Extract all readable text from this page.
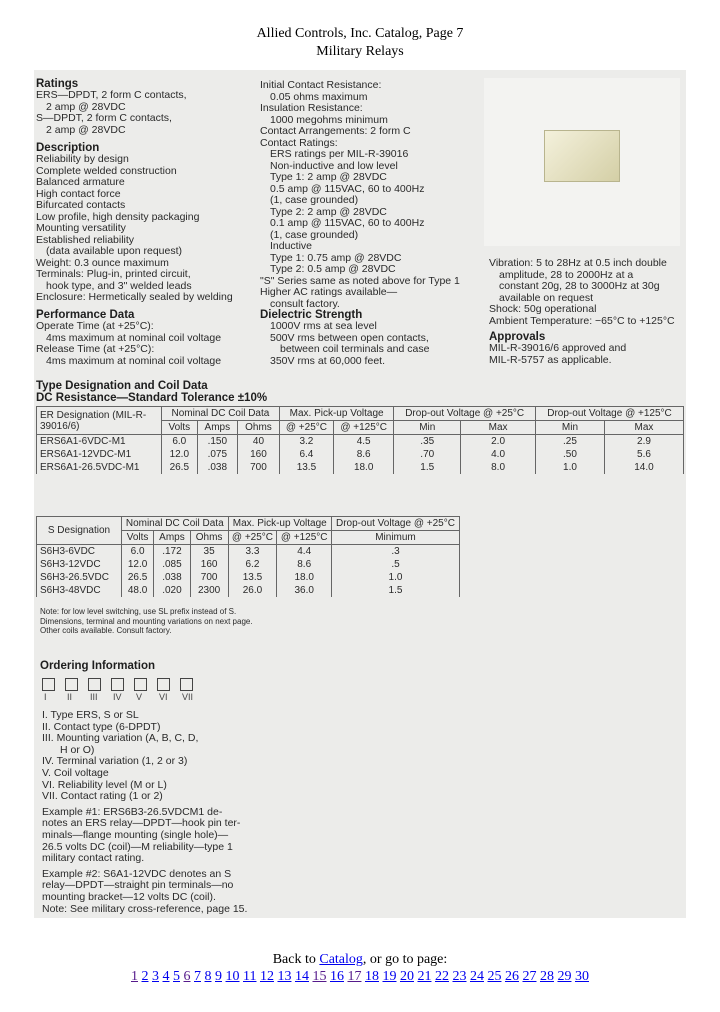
Allied Controls, Inc. Catalog, Page 7
Military Relays
Ratings
ERS—DPDT, 2 form C contacts,
2 amp @ 28VDC
S—DPDT, 2 form C contacts,
2 amp @ 28VDC
Description
Reliability by design
Complete welded construction
Balanced armature
High contact force
Bifurcated contacts
Low profile, high density packaging
Mounting versatility
Established reliability
(data available upon request)
Weight: 0.3 ounce maximum
Terminals: Plug-in, printed circuit,
hook type, and 3" welded leads
Enclosure: Hermetically sealed by welding
Performance Data
Operate Time (at +25°C):
4ms maximum at nominal coil voltage
Release Time (at +25°C):
4ms maximum at nominal coil voltage
Initial Contact Resistance:
0.05 ohms maximum
Insulation Resistance:
1000 megohms minimum
Contact Arrangements: 2 form C
Contact Ratings:
ERS ratings per MIL-R-39016
Non-inductive and low level
Type 1: 2 amp @ 28VDC
0.5 amp @ 115VAC, 60 to 400Hz
(1, case grounded)
Type 2: 2 amp @ 28VDC
0.1 amp @ 115VAC, 60 to 400Hz
(1, case grounded)
Inductive
Type 1: 0.75 amp @ 28VDC
Type 2: 0.5 amp @ 28VDC
"S" Series same as noted above for Type 1
Higher AC ratings available—
consult factory.
Dielectric Strength
1000V rms at sea level
500V rms between open contacts,
between coil terminals and case
350V rms at 60,000 feet.
Vibration: 5 to 28Hz at 0.5 inch double
amplitude, 28 to 2000Hz at a
constant 20g, 28 to 3000Hz at 30g
available on request
Shock: 50g operational
Ambient Temperature: −65°C to +125°C
Approvals
MIL-R-39016/6 approved and
MIL-R-5757 as applicable.
Type Designation and Coil Data
DC Resistance—Standard Tolerance ±10%
ER Designation (MIL-R-39016/6)	Nominal DC Coil Data			Max. Pick-up Voltage		Drop-out Voltage @ +25°C		Drop-out Voltage @ +125°C	
	Volts	Amps	Ohms	@ +25°C	@ +125°C	Min	Max	Min	Max
ERS6A1-6VDC-M1	6.0	.150	40	3.2	4.5	.35	2.0	.25	2.9
ERS6A1-12VDC-M1	12.0	.075	160	6.4	8.6	.70	4.0	.50	5.6
ERS6A1-26.5VDC-M1	26.5	.038	700	13.5	18.0	1.5	8.0	1.0	14.0
S Designation	Nominal DC Coil Data			Max. Pick-up Voltage		Drop-out Voltage @ +25°C
	Volts	Amps	Ohms	@ +25°C	@ +125°C	Minimum
S6H3-6VDC	6.0	.172	35	3.3	4.4	.3
S6H3-12VDC	12.0	.085	160	6.2	8.6	.5
S6H3-26.5VDC	26.5	.038	700	13.5	18.0	1.0
S6H3-48VDC	48.0	.020	2300	26.0	36.0	1.5
Note: for low level switching, use SL prefix instead of S.
Dimensions, terminal and mounting variations on next page.
Other coils available. Consult factory.
Ordering Information
I II III IV V VI VII
I. Type ERS, S or SL
II. Contact type (6-DPDT)
III. Mounting variation (A, B, C, D,
H or O)
IV. Terminal variation (1, 2 or 3)
V. Coil voltage
VI. Reliability level (M or L)
VII. Contact rating (1 or 2)
Example #1: ERS6B3-26.5VDCM1 de-
notes an ERS relay—DPDT—hook pin ter-
minals—flange mounting (single hole)—
26.5 volts DC (coil)—M reliability—type 1
military contact rating.
Example #2: S6A1-12VDC denotes an S
relay—DPDT—straight pin terminals—no
mounting bracket—12 volts DC (coil).
Note: See military cross-reference, page 15.
Back to Catalog, or go to page:
1 2 3 4 5 6 7 8 9 10 11 12 13 14 15 16 17 18 19 20 21 22 23 24 25 26 27 28 29 30
